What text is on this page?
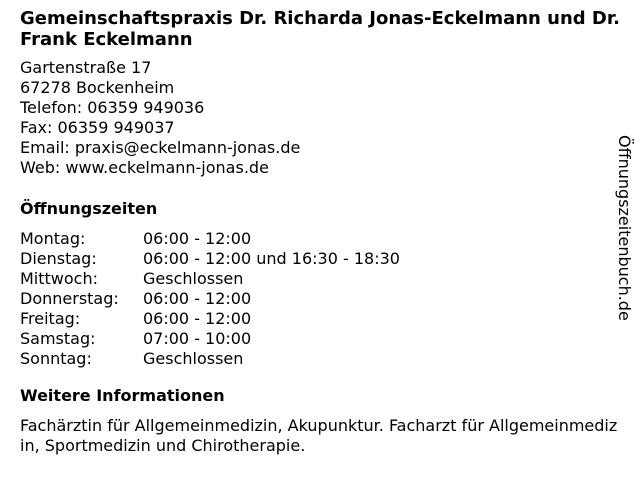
Gemeinschaftspraxis Dr. Richarda Jonas-Eckelmann und Dr. Frank Eckelmann
Gartenstraße 17
67278 Bockenheim
Telefon: 06359 949036
Fax: 06359 949037
Email: praxis@eckelmann-jonas.de
Web: www.eckelmann-jonas.de
Öffnungszeiten
Montag:	06:00 - 12:00
Dienstag:	06:00 - 12:00 und 16:30 - 18:30
Mittwoch:	Geschlossen
Donnerstag:	06:00 - 12:00
Freitag:	06:00 - 12:00
Samstag:	07:00 - 10:00
Sonntag:	Geschlossen
Weitere Informationen
Fachärztin für Allgemeinmedizin, Akupunktur. Facharzt für Allgemeinmedizin, Sportmedizin und Chirotherapie.
Öffnungszeitenbuch.de
